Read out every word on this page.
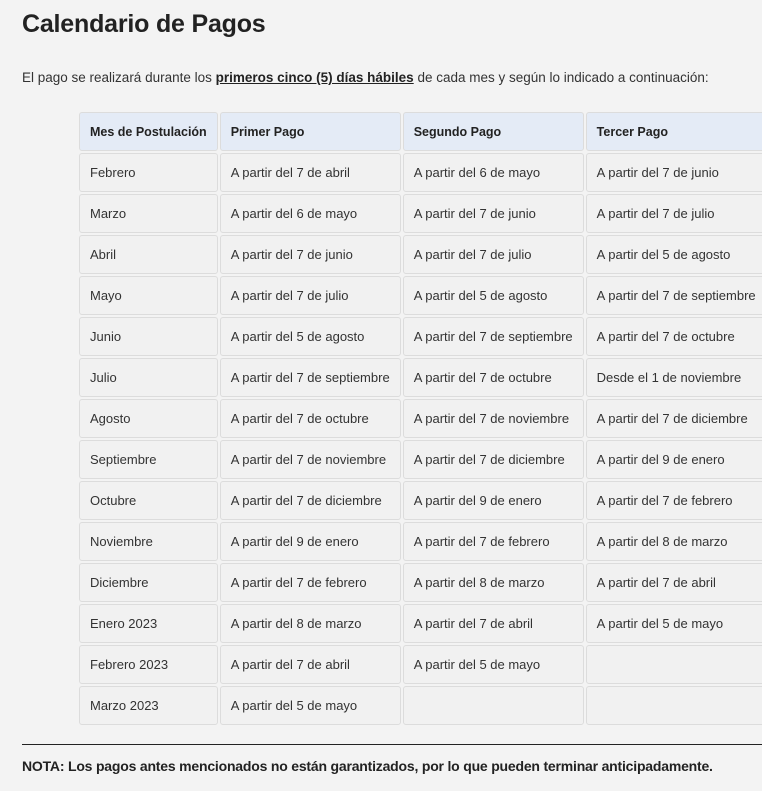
Calendario de Pagos

El pago se realizará durante los primeros cinco (5) días hábiles de cada mes y según lo indicado a continuación:

Mes de Postulación	Primer Pago	Segundo Pago	Tercer Pago
Febrero	A partir del 7 de abril	A partir del 6 de mayo	A partir del 7 de junio
Marzo	A partir del 6 de mayo	A partir del 7 de junio	A partir del 7 de julio
Abril	A partir del 7 de junio	A partir del 7 de julio	A partir del 5 de agosto
Mayo	A partir del 7 de julio	A partir del 5 de agosto	A partir del 7 de septiembre
Junio	A partir del 5 de agosto	A partir del 7 de septiembre	A partir del 7 de octubre
Julio	A partir del 7 de septiembre	A partir del 7 de octubre	Desde el 1 de noviembre
Agosto	A partir del 7 de octubre	A partir del 7 de noviembre	A partir del 7 de diciembre
Septiembre	A partir del 7 de noviembre	A partir del 7 de diciembre	A partir del 9 de enero
Octubre	A partir del 7 de diciembre	A partir del 9 de enero	A partir del 7 de febrero
Noviembre	A partir del 9 de enero	A partir del 7 de febrero	A partir del 8 de marzo
Diciembre	A partir del 7 de febrero	A partir del 8 de marzo	A partir del 7 de abril
Enero 2023	A partir del 8 de marzo	A partir del 7 de abril	A partir del 5 de mayo
Febrero 2023	A partir del 7 de abril	A partir del 5 de mayo	
Marzo 2023	A partir del 5 de mayo		
NOTA: Los pagos antes mencionados no están garantizados, por lo que pueden terminar anticipadamente.
